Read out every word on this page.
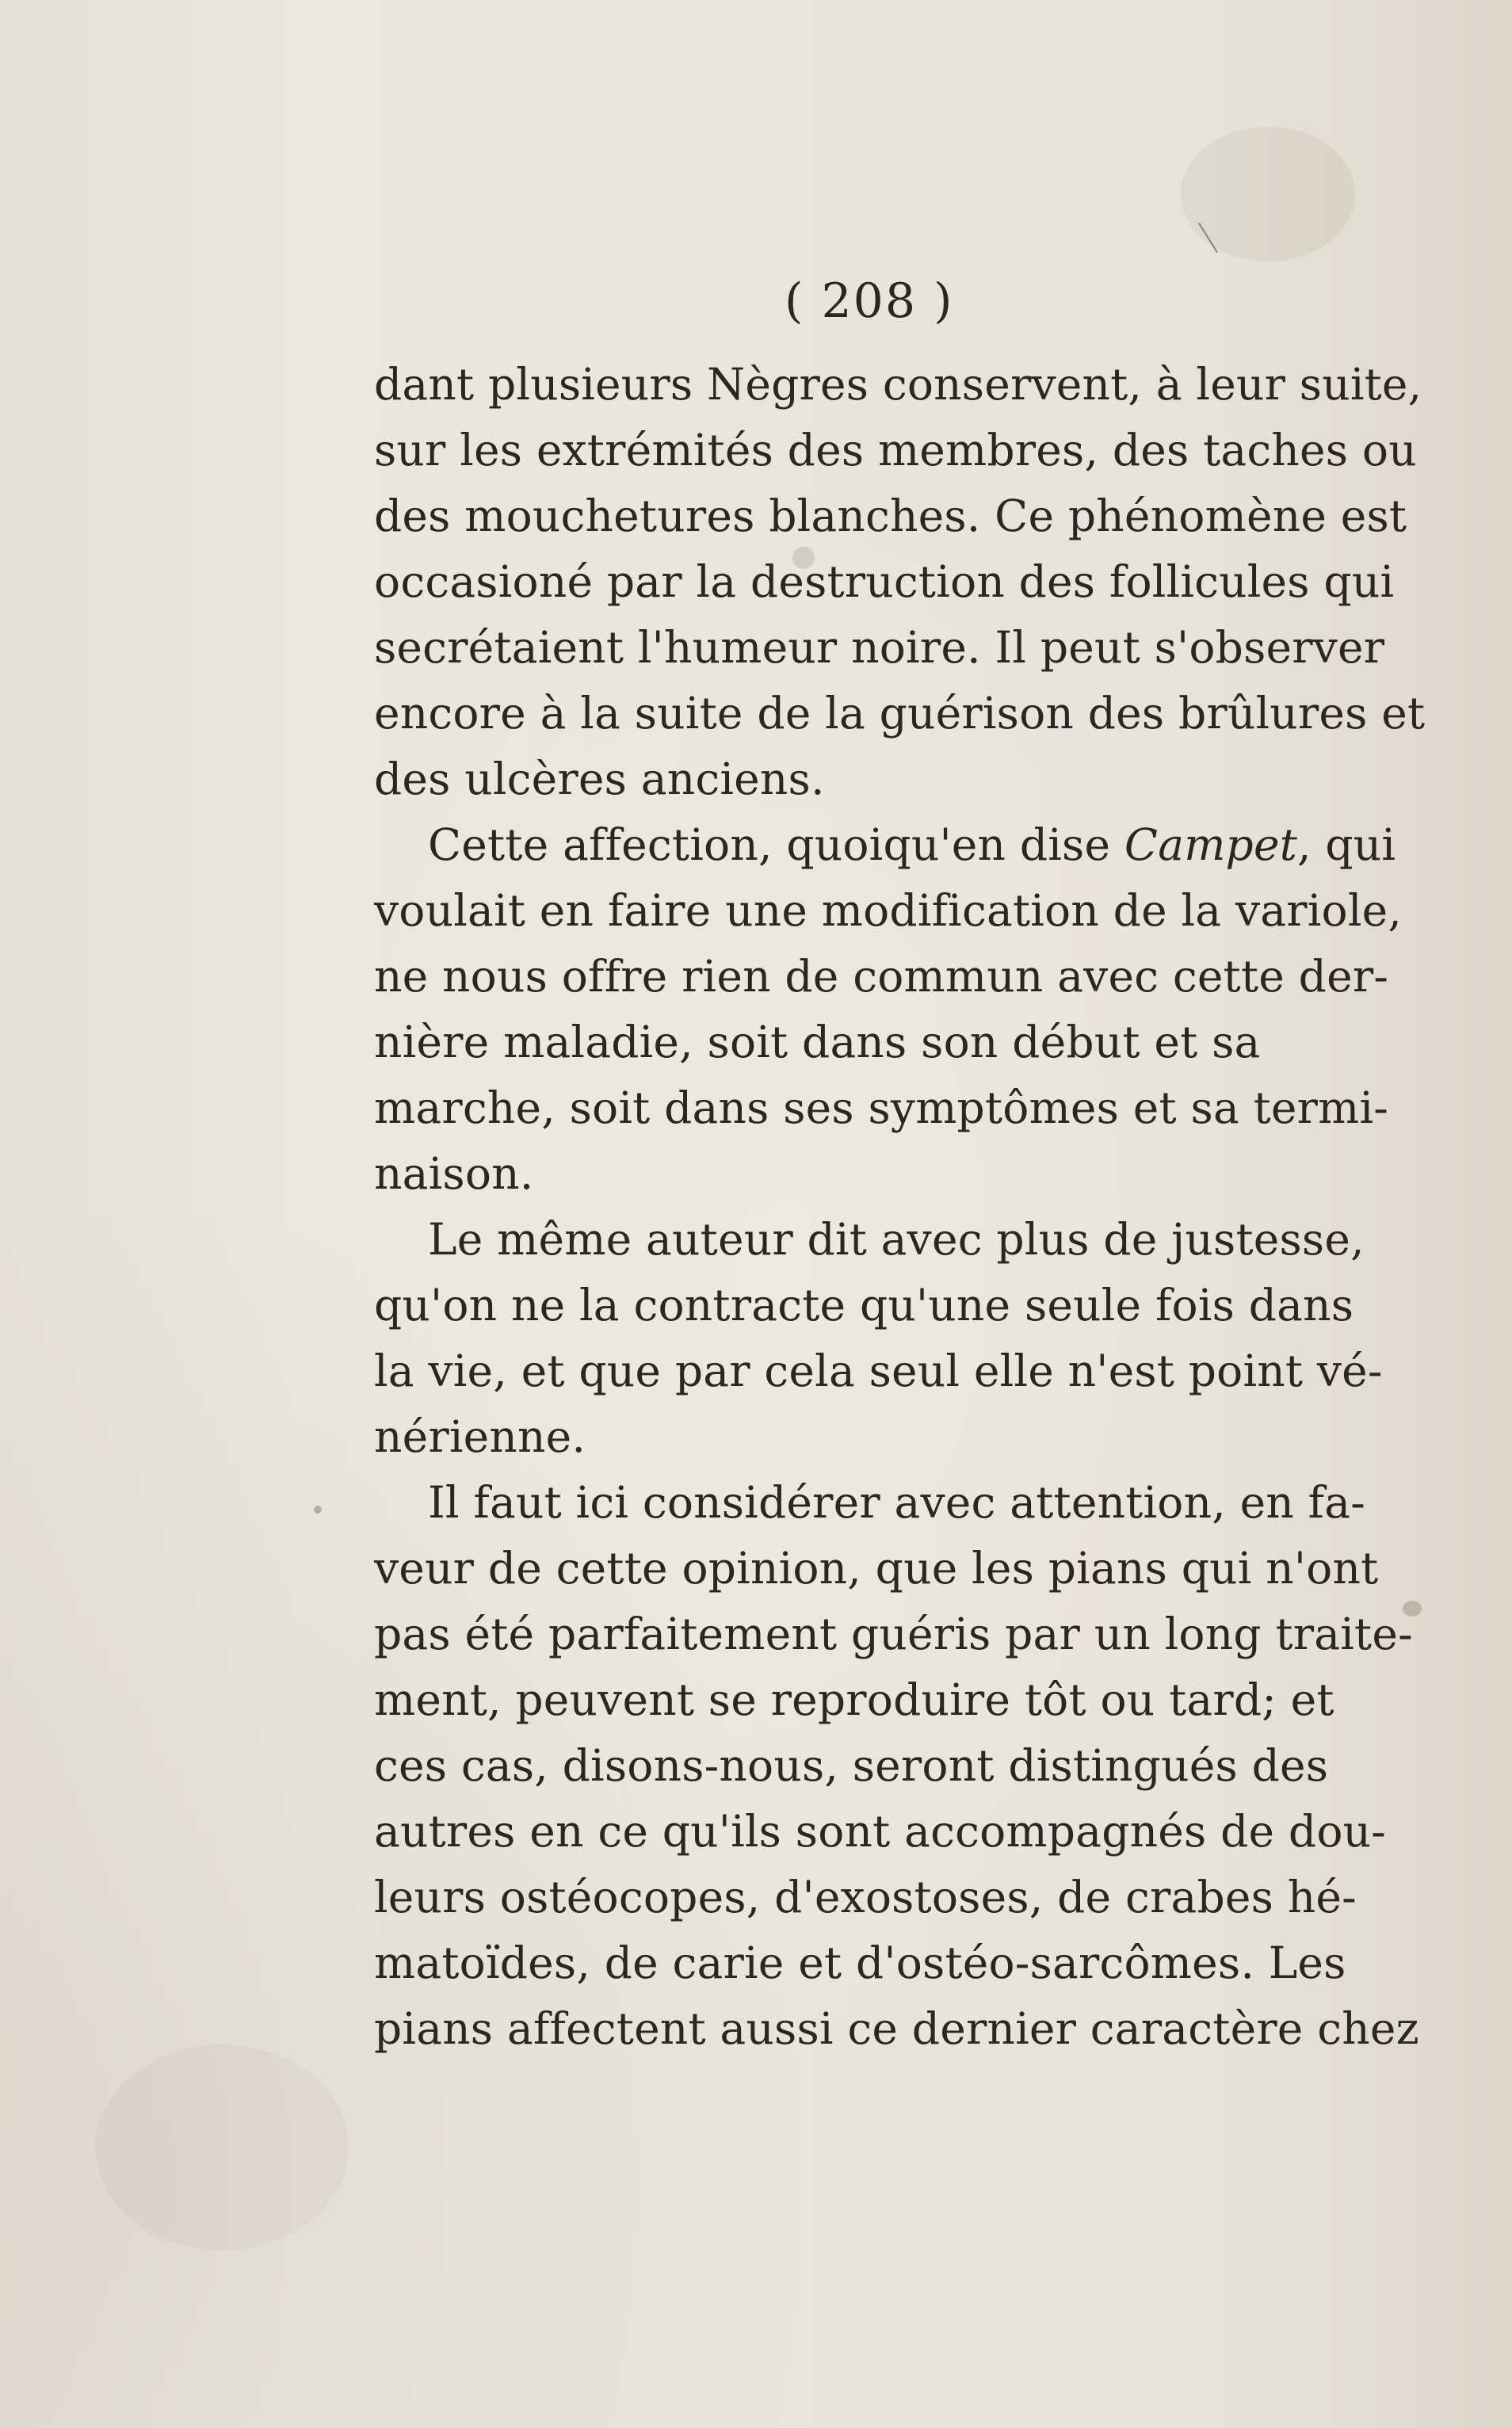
( 208 )

dant plusieurs Nègres conservent, à leur suite,
sur les extrémités des membres, des taches ou
des mouchetures blanches. Ce phénomène est
occasioné par la destruction des follicules qui
secrétaient l'humeur noire. Il peut s'observer
encore à la suite de la guérison des brûlures et
des ulcères anciens.

Cette affection, quoiqu'en dise Campet, qui
voulait en faire une modification de la variole,
ne nous offre rien de commun avec cette der-
nière maladie, soit dans son début et sa
marche, soit dans ses symptômes et sa termi-
naison.

Le même auteur dit avec plus de justesse,
qu'on ne la contracte qu'une seule fois dans
la vie, et que par cela seul elle n'est point vé-
nérienne.

Il faut ici considérer avec attention, en fa-
veur de cette opinion, que les pians qui n'ont
pas été parfaitement guéris par un long traite-
ment, peuvent se reproduire tôt ou tard; et
ces cas, disons-nous, seront distingués des
autres en ce qu'ils sont accompagnés de dou-
leurs ostéocopes, d'exostoses, de crabes hé-
matoïdes, de carie et d'ostéo-sarcômes. Les
pians affectent aussi ce dernier caractère chez
